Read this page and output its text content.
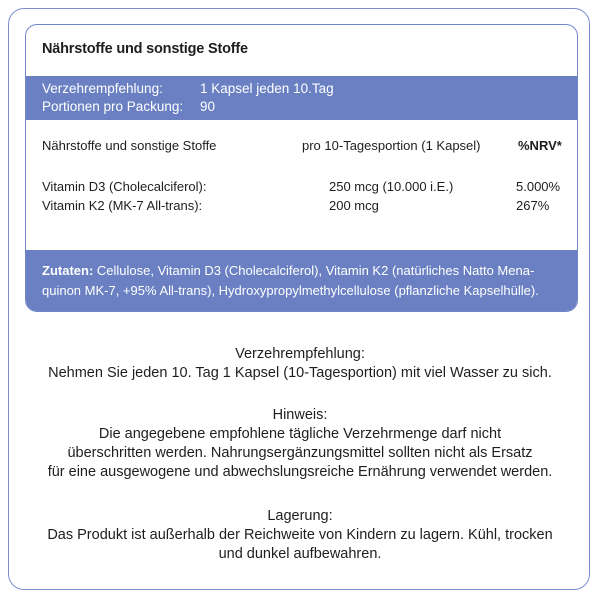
Nährstoffe und sonstige Stoffe
Verzehrempfehlung:	1 Kapsel jeden 10.Tag
Portionen pro Packung: 90
Nährstoffe und sonstige Stoffe	pro 10-Tagesportion (1 Kapsel)	%NRV*
Vitamin D3 (Cholecalciferol):	250 mcg (10.000 i.E.)	5.000%
Vitamin K2 (MK-7 All-trans):	200 mcg	267%
Zutaten: Cellulose, Vitamin D3 (Cholecalciferol), Vitamin K2 (natürliches Natto Mena-
quinon MK-7, +95% All-trans), Hydroxypropylmethylcellulose (pflanzliche Kapselhülle).
Verzehrempfehlung:
Nehmen Sie jeden 10. Tag 1 Kapsel (10-Tagesportion) mit viel Wasser zu sich.
Hinweis:
Die angegebene empfohlene tägliche Verzehrmenge darf nicht
überschritten werden. Nahrungsergänzungsmittel sollten nicht als Ersatz
für eine ausgewogene und abwechslungsreiche Ernährung verwendet werden.
Lagerung:
Das Produkt ist außerhalb der Reichweite von Kindern zu lagern. Kühl, trocken
und dunkel aufbewahren.
